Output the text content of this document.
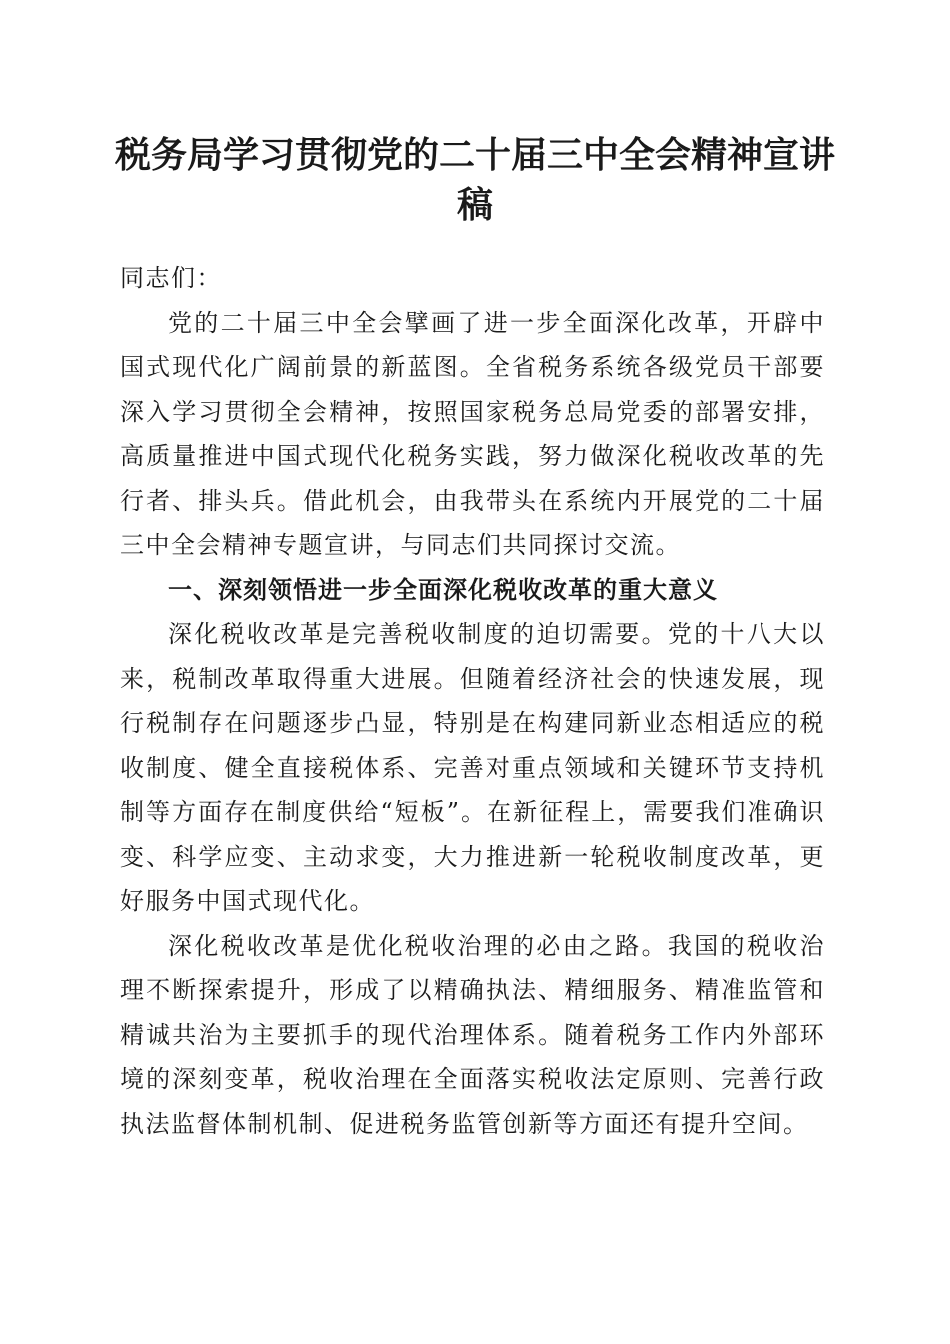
税务局学习贯彻党的二十届三中全会精神宣讲稿

同志们：

党的二十届三中全会擘画了进一步全面深化改革，开辟中国式现代化广阔前景的新蓝图。全省税务系统各级党员干部要深入学习贯彻全会精神，按照国家税务总局党委的部署安排，高质量推进中国式现代化税务实践，努力做深化税收改革的先行者、排头兵。借此机会，由我带头在系统内开展党的二十届三中全会精神专题宣讲，与同志们共同探讨交流。

一、深刻领悟进一步全面深化税收改革的重大意义

深化税收改革是完善税收制度的迫切需要。党的十八大以来，税制改革取得重大进展。但随着经济社会的快速发展，现行税制存在问题逐步凸显，特别是在构建同新业态相适应的税收制度、健全直接税体系、完善对重点领域和关键环节支持机制等方面存在制度供给“短板”。在新征程上，需要我们准确识变、科学应变、主动求变，大力推进新一轮税收制度改革，更好服务中国式现代化。

深化税收改革是优化税收治理的必由之路。我国的税收治理不断探索提升，形成了以精确执法、精细服务、精准监管和精诚共治为主要抓手的现代治理体系。随着税务工作内外部环境的深刻变革，税收治理在全面落实税收法定原则、完善行政执法监督体制机制、促进税务监管创新等方面还有提升空间。
